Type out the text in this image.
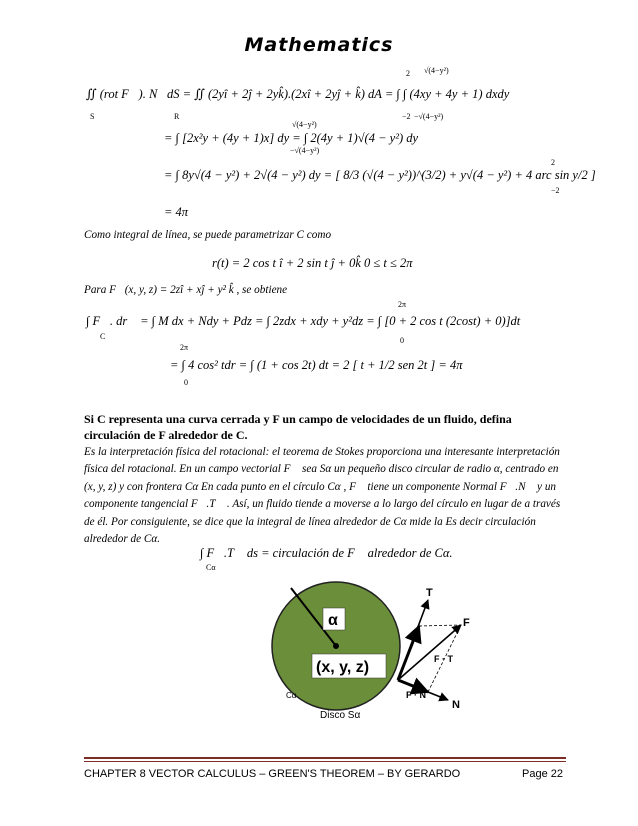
Mathematics
∬ (rot F⃗). N⃗dS = ∬ (2yî + 2ĵ + 2yk̂).(2xî + 2yĵ + k̂) dA = ∫ ∫ (4xy + 4y + 1) dxdy
S	R
2
−2
√(4−y²)
−√(4−y²)
= ∫ [2x²y + (4y + 1)x] dy = ∫ 2(4y + 1)√(4 − y²) dy
√(4−y²)
−√(4−y²)
= ∫ 8y√(4 − y²) + 2√(4 − y²) dy = [ 8/3 (√(4 − y²))^(3/2) + y√(4 − y²) + 4 arc sin y/2 ]
2
−2
= 4π
Como integral de línea, se puede parametrizar C como
r(t) = 2 cos t î + 2 sin t ĵ + 0k̂ 0 ≤ t ≤ 2π
Para F⃗(x, y, z) = 2zî + xĵ + y² k̂ , se obtiene
∫ F⃗. dr⃗ = ∫ M dx + Ndy + Pdz = ∫ 2zdx + xdy + y²dz = ∫ [0 + 2 cos t (2cost) + 0)]dt
C
2π
0
= ∫ 4 cos² tdr = ∫ (1 + cos 2t) dt = 2 [ t + 1/2 sen 2t ] = 4π
2π
0
Si C representa una curva cerrada y F un campo de velocidades de un fluido, defina circulación de F alrededor de C.
Es la interpretación física del rotacional: el teorema de Stokes proporciona una interesante interpretación física del rotacional. En un campo vectorial F⃗ sea Sα un pequeño disco circular de radio α, centrado en (x, y, z) y con frontera Cα En cada punto en el círculo Cα , F⃗ tiene un componente Normal F⃗.N⃗ y un componente tangencial F⃗.T⃗ . Así, un fluido tiende a moverse a lo largo del círculo en lugar de a través de él. Por consiguiente, se dice que la integral de línea alrededor de Cα mide la Es decir circulación alrededor de Cα.
∫ F⃗.T⃗ ds = circulación de F⃗ alrededor de Cα.
Cα
α
(x, y, z)
T
F
F · T
F · N
N
Cα
Disco Sα
CHAPTER 8 VECTOR CALCULUS – GREEN'S THEOREM – BY GERARDO	Page 22
